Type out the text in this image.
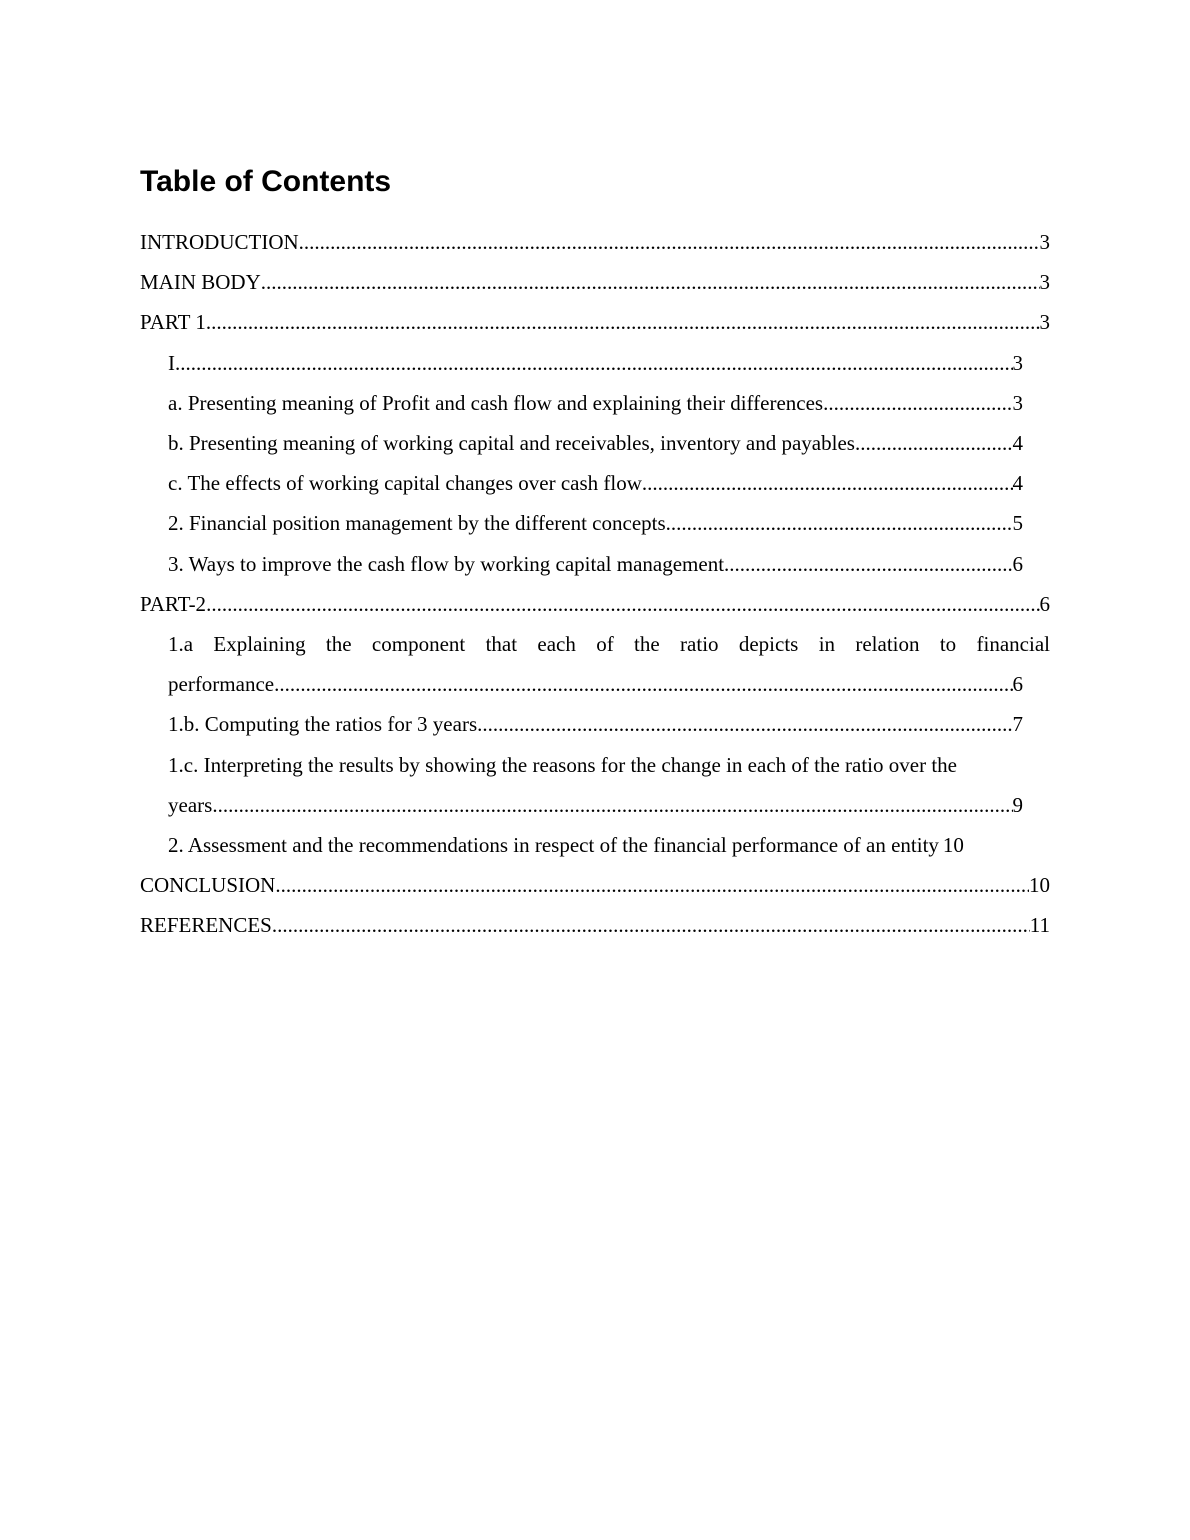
Table of Contents
INTRODUCTION .....	3
MAIN BODY .....	3
PART 1 .....	3
I .....	3
a. Presenting meaning of Profit and cash flow and explaining their differences .....	3
b. Presenting meaning of working capital and receivables, inventory and payables .....	4
c. The effects of working capital changes over cash flow .....	4
2. Financial position management by the different concepts .....	5
3. Ways to improve the cash flow by working capital management .....	6
PART-2 .....	6
1.a Explaining the component that each of the ratio depicts in relation to financial
performance .....	6
1.b. Computing the ratios for 3 years .....	7
1.c. Interpreting the results by showing the reasons for the change in each of the ratio over the
years .....	9
2. Assessment and the recommendations in respect of the financial performance of an entity 10
CONCLUSION .....	10
REFERENCES .....	11
